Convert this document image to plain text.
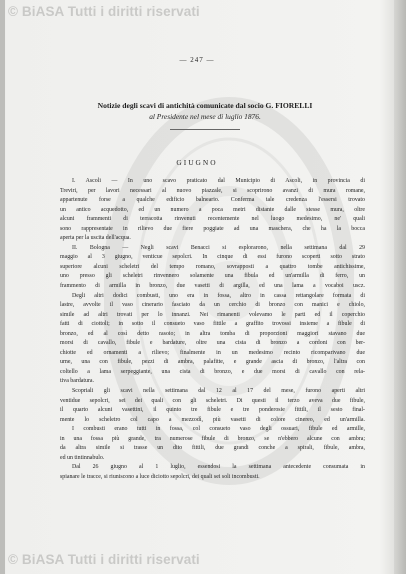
© BiASA Tutti i diritti riservati
— 247 —
Notizie degli scavi di antichità comunicate dal socio G. FIORELLI
al Presidente nel mese di luglio 1876.
GIUGNO
I. Ascoli — In uno scavo praticato dal Municipio di Ascoli, in provincia di
Treviri, per lavori necessari al nuovo piazzale, si scoprirono avanzi di mura romane,
appartenute forse a qualche edificio balneario. Conferma tale credenza l'essersi trovato
un antico acquedotto, ed un numero a poca metri distante dalle stesse mura, oltre
alcuni frammenti di terracotta rinvenuti recentemente nel luogo medesimo, ne' quali
sono rappresentate in rilievo due fiere poggiate ad una maschera, che ha la bocca
aperta per la uscita dell'acqua.
II. Bologna — Negli scavi Benacci si esplorarono, nella settimana dal 29
maggio al 3 giugno, venticue sepolcri. In cinque di essi furono scoperti sotto strato
superiore alcuni scheletri del tempo romano, sovrapposti a quattro tombe antichissime,
uno presso gli scheletri rinvennero solamente una fibula ed un'armilla di ferro, un
frammento di armilla in bronzo, due vasetti di argilla, ed una lama a vocaboi uscz.
Degli altri dodici combusti, uno era in fossa, altro in cassa rettangolare formata di
lastre, avvolte il vaso cinerario fasciato da un cerchio di bronzo con manici e chiolo,
simile ad altri trovati per lo innanzi. Nei rimanenti volevamo le parti ed il coperchio
fatti di ciottoli; in sotto il consueto vaso fittile a graffito trovossi insieme a fibule di
bronzo, ed al così detto rasoio; in altra tomba di proporzioni maggiori stavano due
morsi di cavallo, fibule e bardature, oltre una cista di bronzo a cordoni con ber-
chiotte ed ornamenti a rilievo; finalmente in un medesimo recinto ricomparivano due
urne, una con fibule, pezzi di ambra, palafitte, e grande ascia di bronzo, l'altra con
coltello a lama serpeggiante, una cista di bronzo, e due morsi di cavallo con rela-
tiva bardatura.
Scopriali gli scavi nella settimana dal 12 al 17 del mese, furono aperti altri
ventidue sepolcri, sei dei quali con gli scheletri. Di questi il terzo aveva due fibule,
il quarto alcuni vasettini, il quinto tre fibule e tre ponderosie fittili, il sesto final-
mente lo scheletro col capo a mezzodì, più vasetti di colore cinereo, ed un'armilla.
I combusti erano tutti in fossa, col consueto vaso degli ossuari, fibule ed armille,
in una fossa più grande, tra numerose fibule di bronzo, se n'ebbero alcune con ambra;
da altra simile si trasse un dito fittili, due grandi conche a spirali, fibule, ambra,
ed un tintinnabulo.
Dal 26 giugno al 1 luglio, essendosi la settimana antecedente consumata in
spianare le tracce, si riuniscono a luce diciotto sepolcri, dei quali sei soli incombusti.
© BiASA Tutti i diritti riservati
